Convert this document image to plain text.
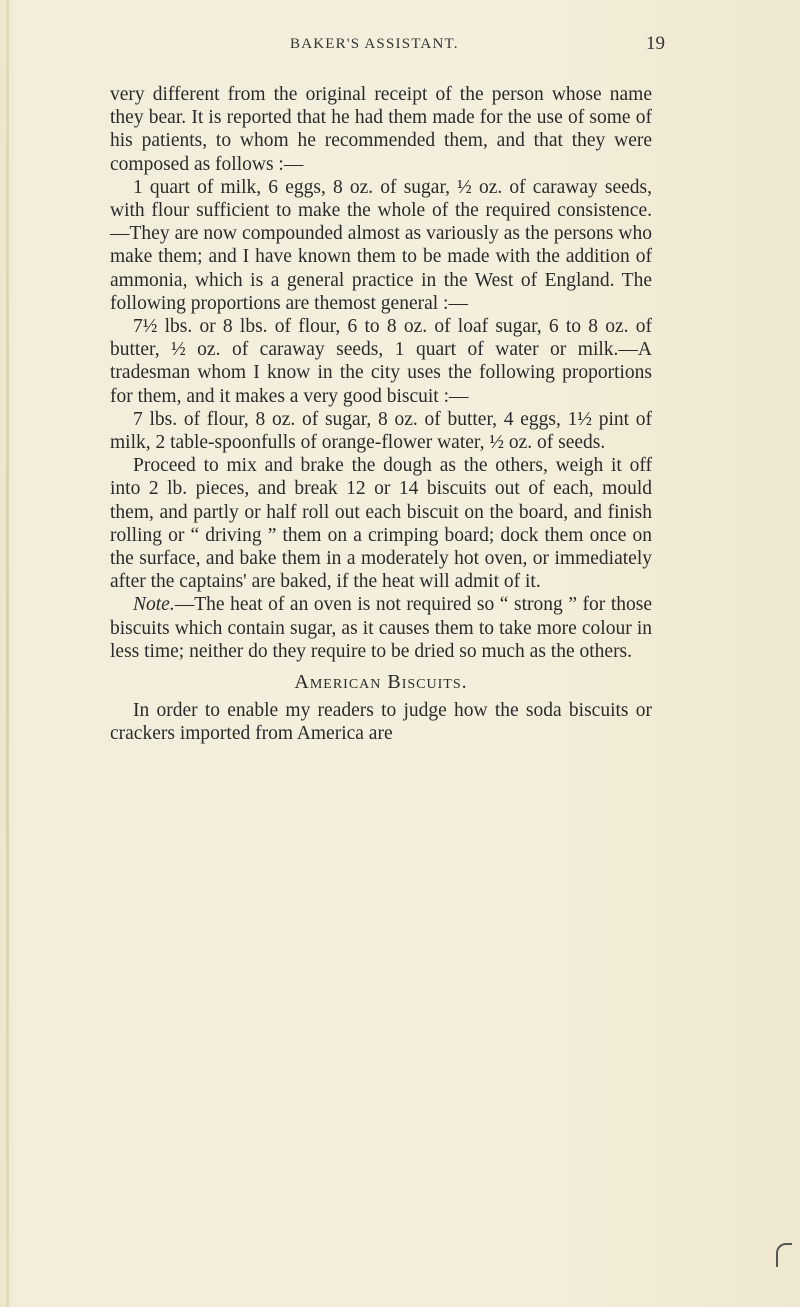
BAKER'S ASSISTANT.	19

very different from the original receipt of the person whose name they bear. It is reported that he had them made for the use of some of his patients, to whom he recommended them, and that they were composed as follows :—

1 quart of milk, 6 eggs, 8 oz. of sugar, ½ oz. of caraway seeds, with flour sufficient to make the whole of the required consistence.—They are now compounded almost as variously as the persons who make them; and I have known them to be made with the addition of ammonia, which is a general practice in the West of England. The following proportions are themost general :—

7½ lbs. or 8 lbs. of flour, 6 to 8 oz. of loaf sugar, 6 to 8 oz. of butter, ½ oz. of caraway seeds, 1 quart of water or milk.—A tradesman whom I know in the city uses the following proportions for them, and it makes a very good biscuit :—

7 lbs. of flour, 8 oz. of sugar, 8 oz. of butter, 4 eggs, 1½ pint of milk, 2 table-spoonfulls of orange-flower water, ½ oz. of seeds.

Proceed to mix and brake the dough as the others, weigh it off into 2 lb. pieces, and break 12 or 14 biscuits out of each, mould them, and partly or half roll out each biscuit on the board, and finish rolling or “ driving ” them on a crimping board; dock them once on the surface, and bake them in a moderately hot oven, or immediately after the captains' are baked, if the heat will admit of it.

Note.—The heat of an oven is not required so “ strong ” for those biscuits which contain sugar, as it causes them to take more colour in less time; neither do they require to be dried so much as the others.

American Biscuits.

In order to enable my readers to judge how the soda biscuits or crackers imported from America are
